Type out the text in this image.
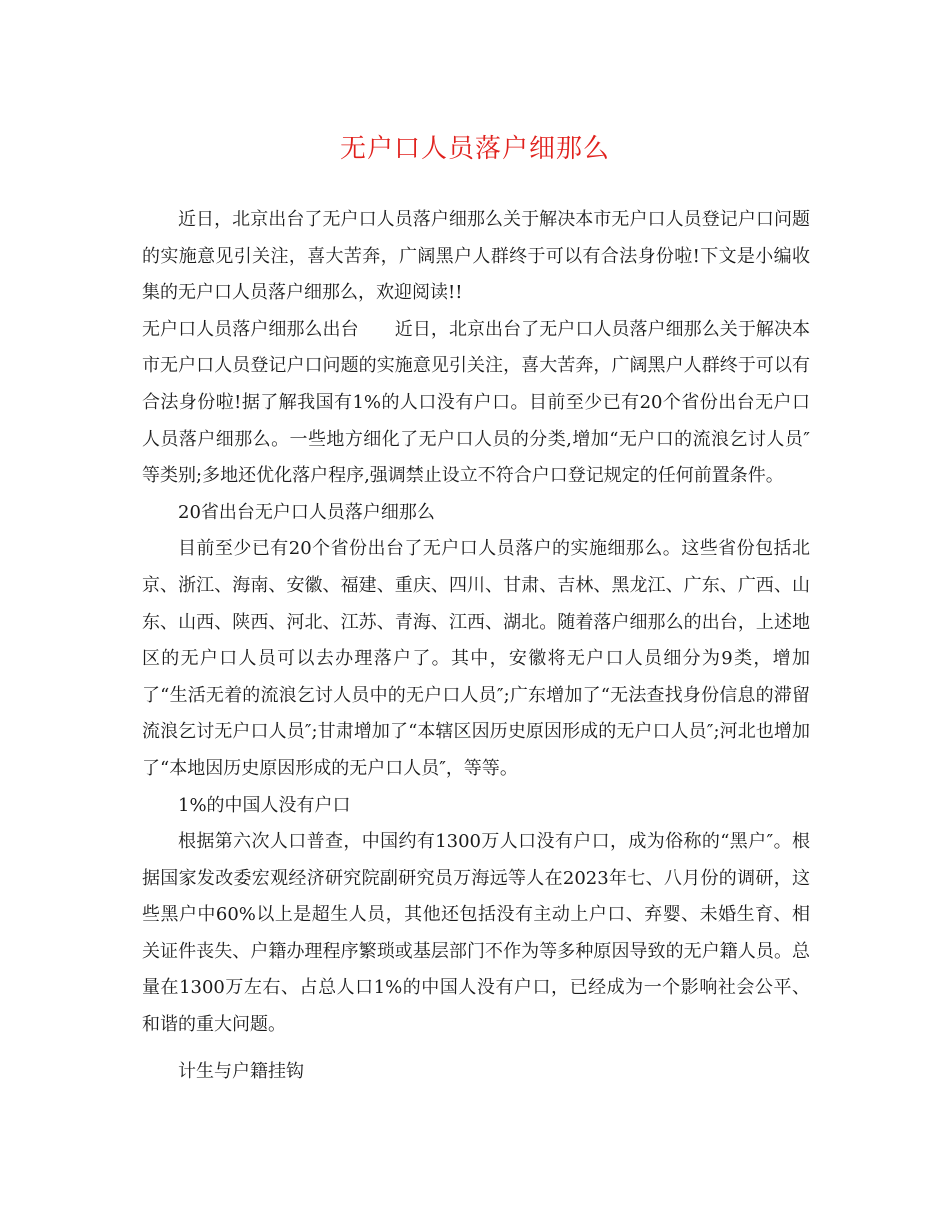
无户口人员落户细那么

近日，北京出台了无户口人员落户细那么关于解决本市无户口人员登记户口问题的实施意见引关注，喜大苦奔，广阔黑户人群终于可以有合法身份啦!下文是小编收集的无户口人员落户细那么，欢迎阅读!!

无户口人员落户细那么出台　　近日，北京出台了无户口人员落户细那么关于解决本市无户口人员登记户口问题的实施意见引关注，喜大苦奔，广阔黑户人群终于可以有合法身份啦!据了解我国有1%的人口没有户口。目前至少已有20个省份出台无户口人员落户细那么。一些地方细化了无户口人员的分类,增加“无户口的流浪乞讨人员″等类别;多地还优化落户程序,强调禁止设立不符合户口登记规定的任何前置条件。

20省出台无户口人员落户细那么

目前至少已有20个省份出台了无户口人员落户的实施细那么。这些省份包括北京、浙江、海南、安徽、福建、重庆、四川、甘肃、吉林、黑龙江、广东、广西、山东、山西、陕西、河北、江苏、青海、江西、湖北。随着落户细那么的出台，上述地区的无户口人员可以去办理落户了。其中，安徽将无户口人员细分为9类，增加了“生活无着的流浪乞讨人员中的无户口人员″;广东增加了“无法查找身份信息的滞留流浪乞讨无户口人员″;甘肃增加了“本辖区因历史原因形成的无户口人员″;河北也增加了“本地因历史原因形成的无户口人员″，等等。

1%的中国人没有户口

根据第六次人口普查，中国约有1300万人口没有户口，成为俗称的“黑户″。根据国家发改委宏观经济研究院副研究员万海远等人在2023年七、八月份的调研，这些黑户中60%以上是超生人员，其他还包括没有主动上户口、弃婴、未婚生育、相关证件丧失、户籍办理程序繁琐或基层部门不作为等多种原因导致的无户籍人员。总量在1300万左右、占总人口1%的中国人没有户口，已经成为一个影响社会公平、和谐的重大问题。

计生与户籍挂钩
